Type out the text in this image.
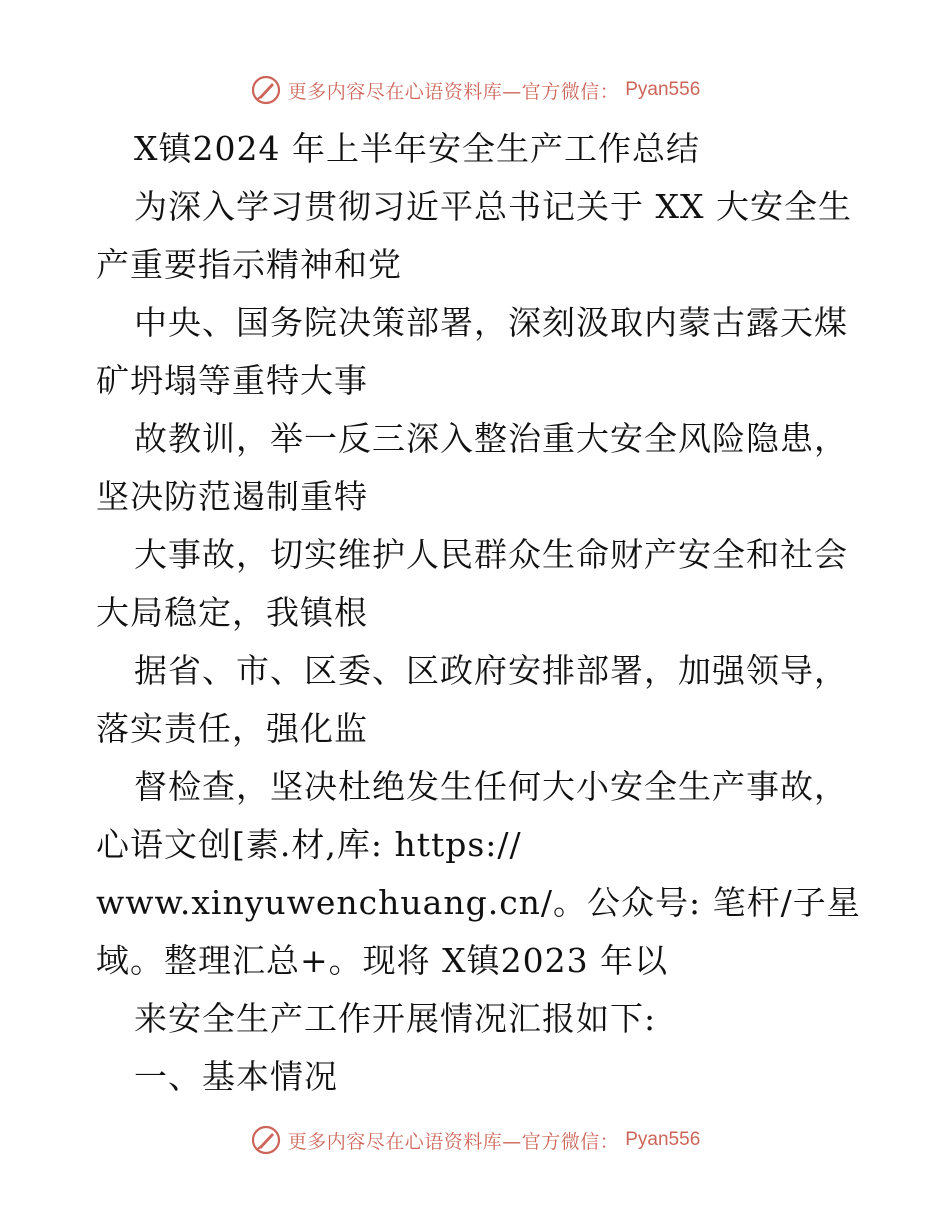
更多内容尽在心语资料库—官方微信： Pyan556
X镇2024 年上半年安全生产工作总结
为深入学习贯彻习近平总书记关于 XX 大安全生
产重要指示精神和党
中央、国务院决策部署，深刻汲取内蒙古露天煤
矿坍塌等重特大事
故教训，举一反三深入整治重大安全风险隐患，
坚决防范遏制重特
大事故，切实维护人民群众生命财产安全和社会
大局稳定，我镇根
据省、市、区委、区政府安排部署，加强领导，
落实责任，强化监
督检查，坚决杜绝发生任何大小安全生产事故，
心语文创[素.材,库: https://
www.xinyuwenchuang.cn/。公众号: 笔杆/子星
域。整理汇总+。现将 X镇2023 年以
来安全生产工作开展情况汇报如下:
一、基本情况
更多内容尽在心语资料库—官方微信： Pyan556
